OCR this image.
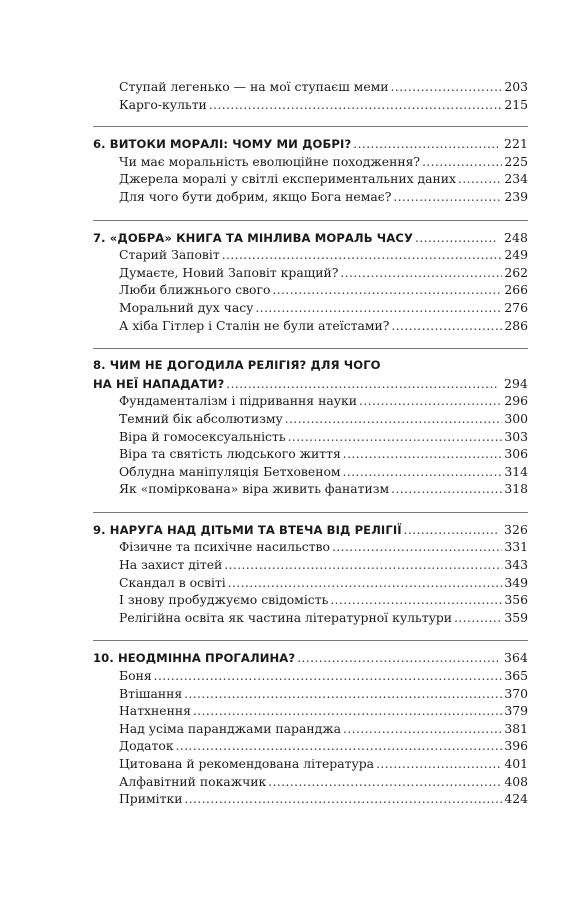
Ступай легенько — на мої ступаєш меми .....	203
Карго-культи .....	215
6. ВИТОКИ МОРАЛІ: ЧОМУ МИ ДОБРІ? .....	221
Чи має моральність еволюційне походження? .....	225
Джерела моралі у світлі експериментальних даних .....	234
Для чого бути добрим, якщо Бога немає? .....	239
7. «ДОБРА» КНИГА ТА МІНЛИВА МОРАЛЬ ЧАСУ .....	248
Старий Заповіт .....	249
Думаєте, Новий Заповіт кращий? .....	262
Люби ближнього свого .....	266
Моральний дух часу .....	276
А хіба Гітлер і Сталін не були атеїстами? .....	286
8. ЧИМ НЕ ДОГОДИЛА РЕЛІГІЯ? ДЛЯ ЧОГО
НА НЕЇ НАПАДАТИ? .....	294
Фундаменталізм і підривання науки .....	296
Темний бік абсолютизму .....	300
Віра й гомосексуальність .....	303
Віра та святість людського життя .....	306
Облудна маніпуляція Бетховеном .....	314
Як «поміркована» віра живить фанатизм .....	318
9. НАРУГА НАД ДІТЬМИ ТА ВТЕЧА ВІД РЕЛІГІЇ .....	326
Фізичне та психічне насильство .....	331
На захист дітей .....	343
Скандал в освіті .....	349
І знову пробуджуємо свідомість .....	356
Релігійна освіта як частина літературної культури .....	359
10. НЕОДМІННА ПРОГАЛИНА? .....	364
Боня .....	365
Втішання .....	370
Натхнення .....	379
Над усіма паранджами паранджа .....	381
Додаток .....	396
Цитована й рекомендована література .....	401
Алфавітний покажчик .....	408
Примітки .....	424
